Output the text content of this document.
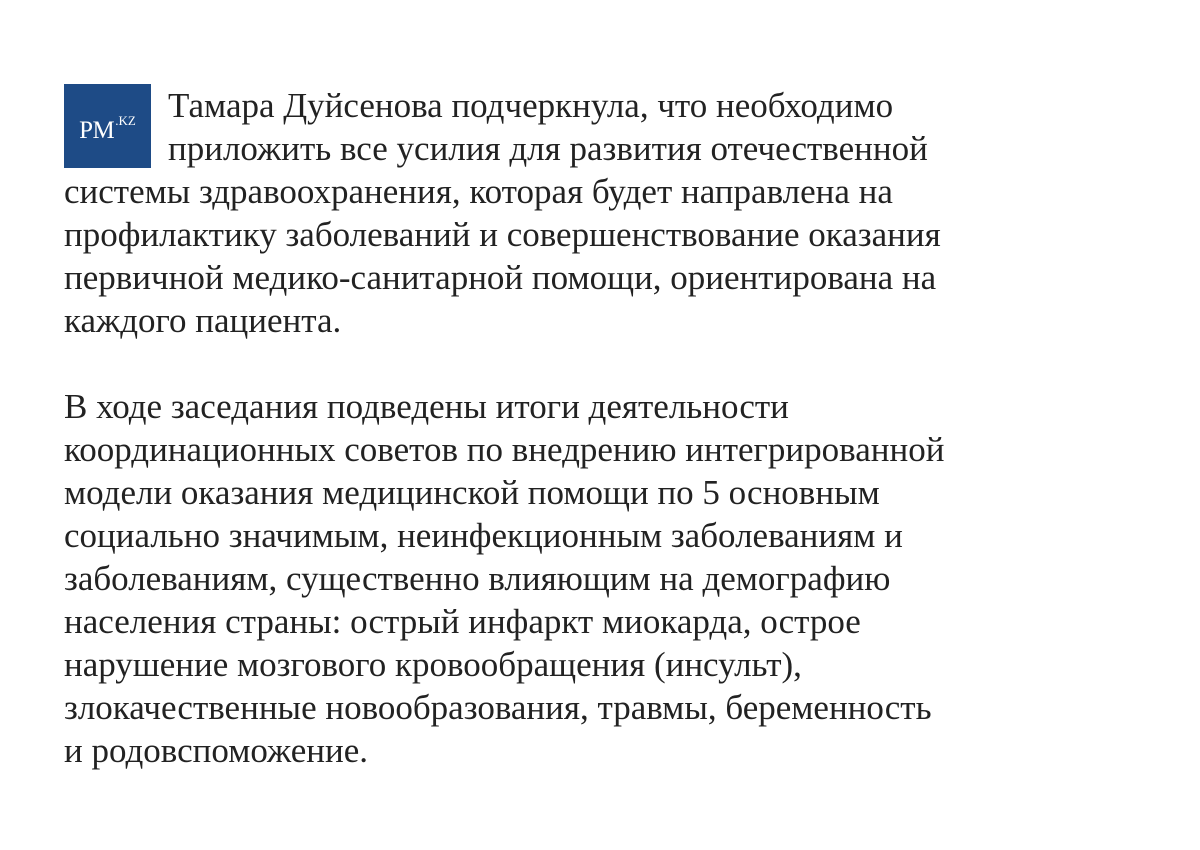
PM .KZ Тамара Дуйсенова подчеркнула, что необходимо
приложить все усилия для развития отечественной
системы здравоохранения, которая будет направлена на
профилактику заболеваний и совершенствование оказания
первичной медико-санитарной помощи, ориентирована на
каждого пациента.

В ходе заседания подведены итоги деятельности
координационных советов по внедрению интегрированной
модели оказания медицинской помощи по 5 основным
социально значимым, неинфекционным заболеваниям и
заболеваниям, существенно влияющим на демографию
населения страны: острый инфаркт миокарда, острое
нарушение мозгового кровообращения (инсульт),
злокачественные новообразования, травмы, беременность
и родовспоможение.
